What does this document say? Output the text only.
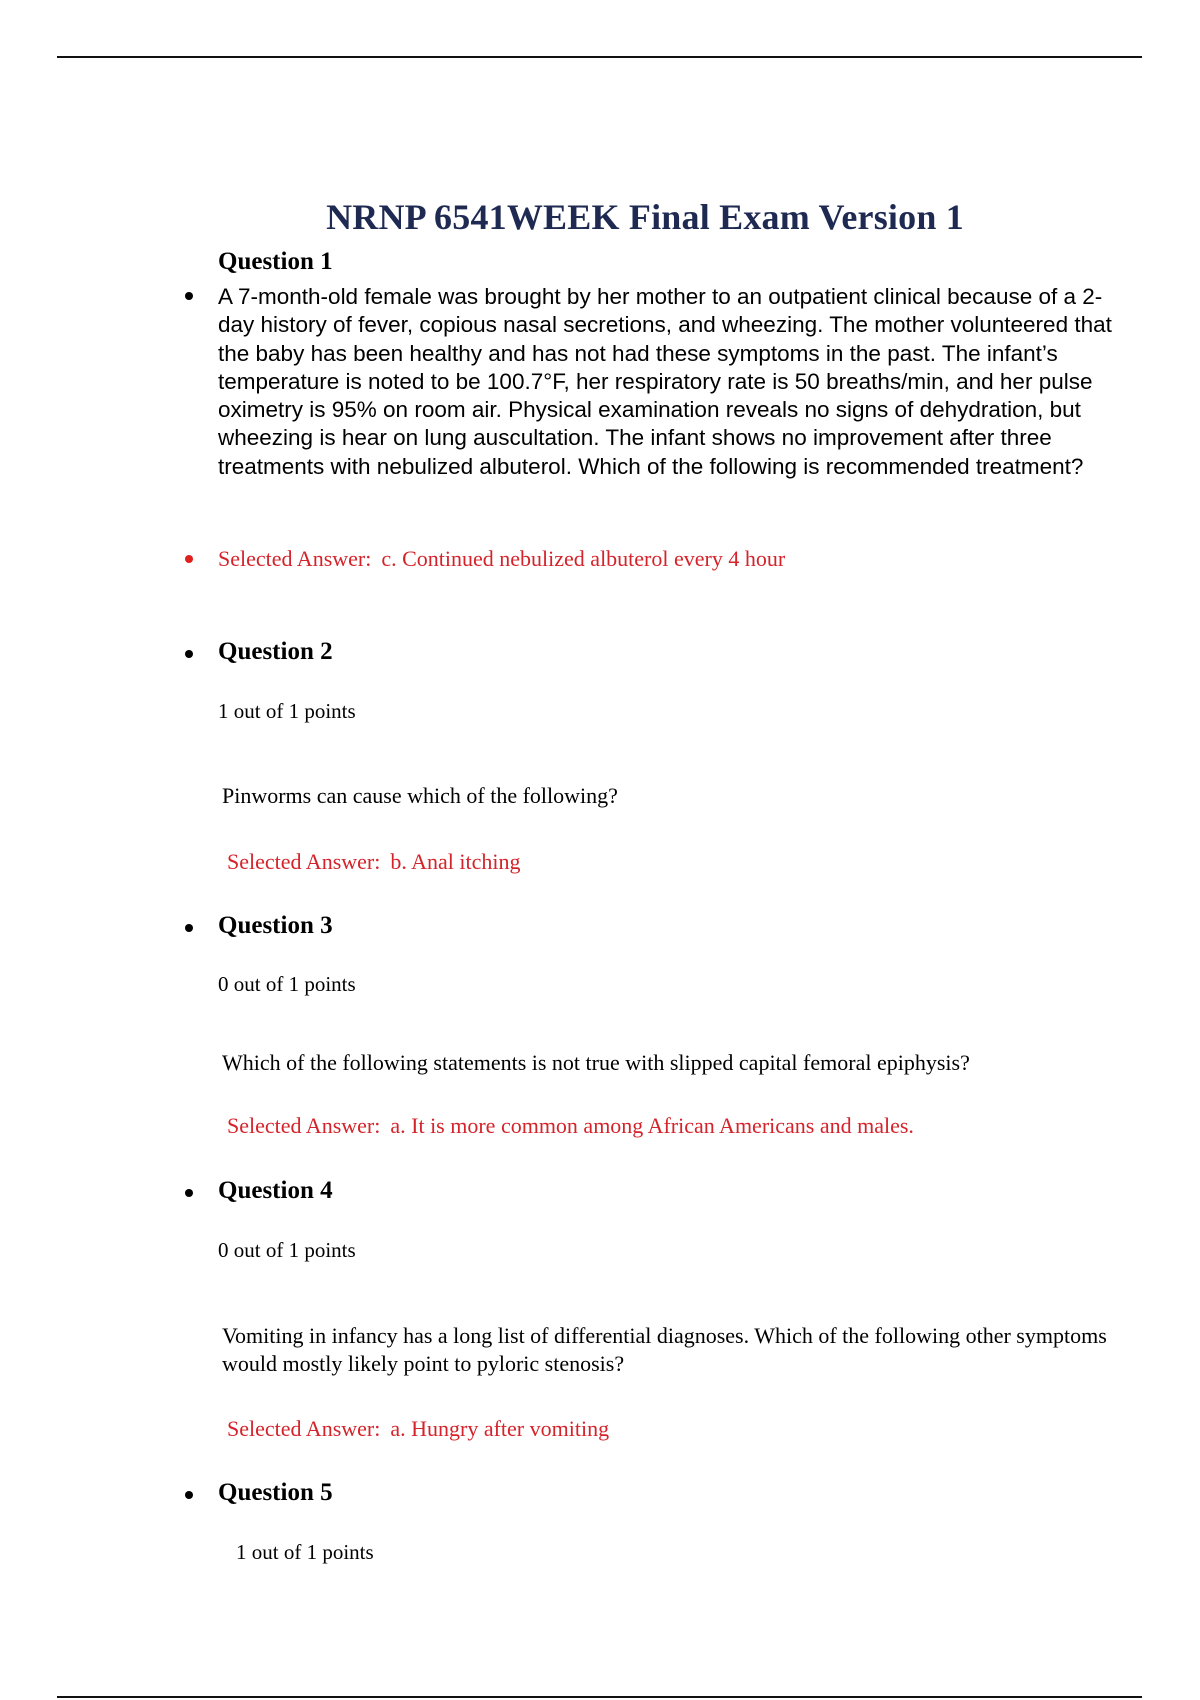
NRNP 6541WEEK Final Exam Version 1
Question 1
A 7-month-old female was brought by her mother to an outpatient clinical because of a 2-day history of fever, copious nasal secretions, and wheezing. The mother volunteered that the baby has been healthy and has not had these symptoms in the past. The infant’s temperature is noted to be 100.7°F, her respiratory rate is 50 breaths/min, and her pulse oximetry is 95% on room air. Physical examination reveals no signs of dehydration, but wheezing is hear on lung auscultation. The infant shows no improvement after three treatments with nebulized albuterol. Which of the following is recommended treatment?
Selected Answer: c. Continued nebulized albuterol every 4 hour
Question 2
1 out of 1 points
Pinworms can cause which of the following?
Selected Answer: b. Anal itching
Question 3
0 out of 1 points
Which of the following statements is not true with slipped capital femoral epiphysis?
Selected Answer: a. It is more common among African Americans and males.
Question 4
0 out of 1 points
Vomiting in infancy has a long list of differential diagnoses. Which of the following other symptoms would mostly likely point to pyloric stenosis?
Selected Answer: a. Hungry after vomiting
Question 5
1 out of 1 points
